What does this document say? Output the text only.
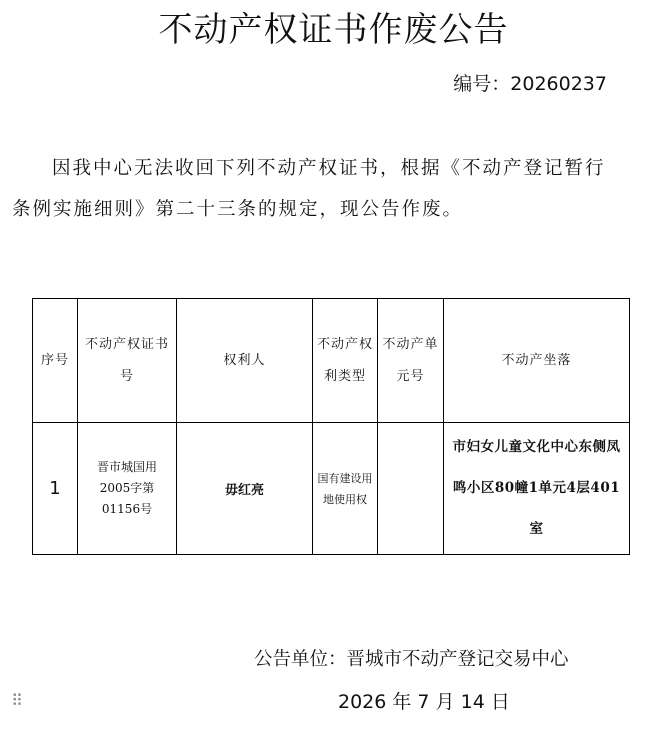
不动产权证书作废公告
编号：20260237
因我中心无法收回下列不动产权证书，根据《不动产登记暂行条例实施细则》第二十三条的规定，现公告作废。
序号	不动产权证书号	权利人	不动产权利类型	不动产单元号	不动产坐落
1	晋市城国用2005字第01156号	毋红亮	国有建设用地使用权		市妇女儿童文化中心东侧凤鸣小区80幢1单元4层401室
公告单位：晋城市不动产登记交易中心
2026 年 7 月 14 日
⠿
